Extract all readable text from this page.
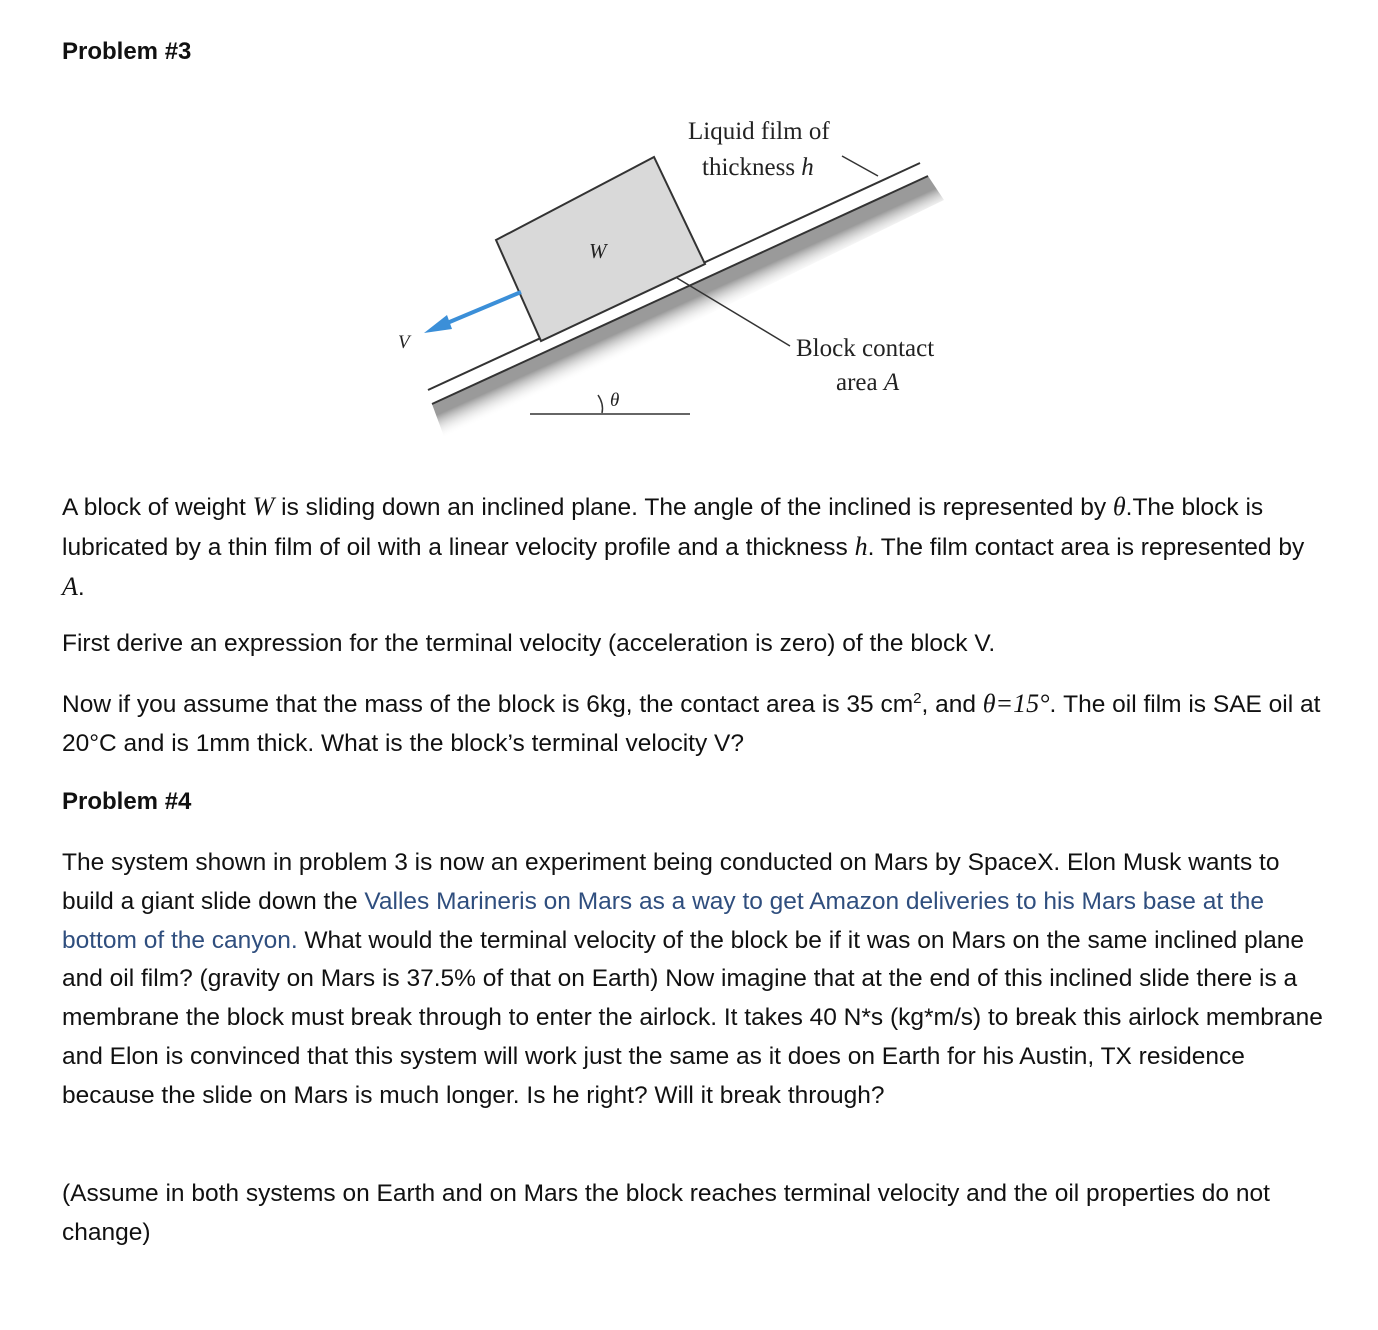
Problem #3
W
V
Liquid film of
thickness h
Block contact
area A
θ

A block of weight W is sliding down an inclined plane. The angle of the inclined is represented by θ.The block is lubricated by a thin film of oil with a linear velocity profile and a thickness h. The film contact area is represented by A.

First derive an expression for the terminal velocity (acceleration is zero) of the block V.

Now if you assume that the mass of the block is 6kg, the contact area is 35 $cm^2$, and θ=15°. The oil film is SAE oil at 20°C and is 1mm thick. What is the block’s terminal velocity V?

Problem #4

The system shown in problem 3 is now an experiment being conducted on Mars by SpaceX. Elon Musk wants to build a giant slide down the Valles Marineris on Mars as a way to get Amazon deliveries to his Mars base at the bottom of the canyon. What would the terminal velocity of the block be if it was on Mars on the same inclined plane and oil film? (gravity on Mars is 37.5% of that on Earth) Now imagine that at the end of this inclined slide there is a membrane the block must break through to enter the airlock. It takes 40 N*s (kg*m/s) to break this airlock membrane and Elon is convinced that this system will work just the same as it does on Earth for his Austin, TX residence because the slide on Mars is much longer. Is he right? Will it break through?

(Assume in both systems on Earth and on Mars the block reaches terminal velocity and the oil properties do not change)
